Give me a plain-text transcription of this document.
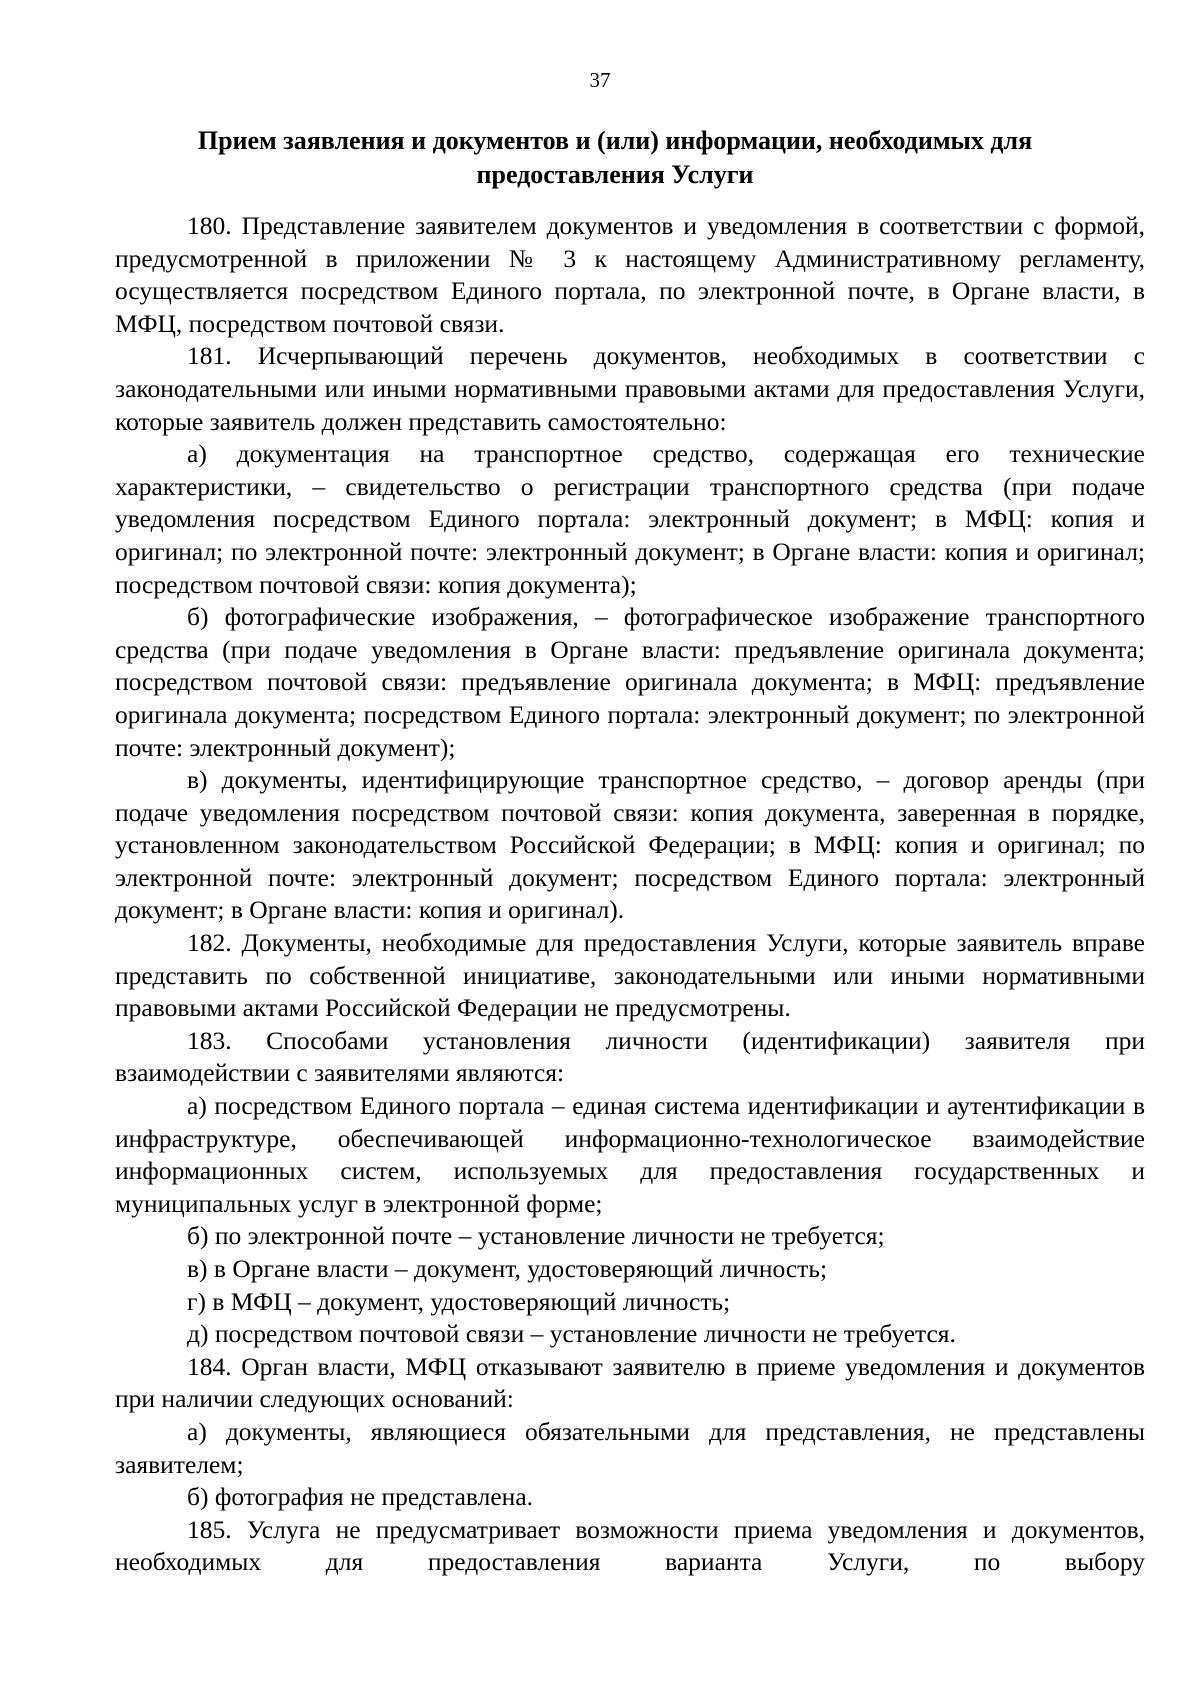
37
Прием заявления и документов и (или) информации, необходимых для
предоставления Услуги

180. Представление заявителем документов и уведомления в соответствии с формой, предусмотренной в приложении № 3 к настоящему Административному регламенту, осуществляется посредством Единого портала, по электронной почте, в Органе власти, в МФЦ, посредством почтовой связи.

181. Исчерпывающий перечень документов, необходимых в соответствии с законодательными или иными нормативными правовыми актами для предоставления Услуги, которые заявитель должен представить самостоятельно:

а) документация на транспортное средство, содержащая его технические характеристики, – свидетельство о регистрации транспортного средства (при подаче уведомления посредством Единого портала: электронный документ; в МФЦ: копия и оригинал; по электронной почте: электронный документ; в Органе власти: копия и оригинал; посредством почтовой связи: копия документа);

б) фотографические изображения, – фотографическое изображение транспортного средства (при подаче уведомления в Органе власти: предъявление оригинала документа; посредством почтовой связи: предъявление оригинала документа; в МФЦ: предъявление оригинала документа; посредством Единого портала: электронный документ; по электронной почте: электронный документ);

в) документы, идентифицирующие транспортное средство, – договор аренды (при подаче уведомления посредством почтовой связи: копия документа, заверенная в порядке, установленном законодательством Российской Федерации; в МФЦ: копия и оригинал; по электронной почте: электронный документ; посредством Единого портала: электронный документ; в Органе власти: копия и оригинал).

182. Документы, необходимые для предоставления Услуги, которые заявитель вправе представить по собственной инициативе, законодательными или иными нормативными правовыми актами Российской Федерации не предусмотрены.

183. Способами установления личности (идентификации) заявителя при взаимодействии с заявителями являются:

а) посредством Единого портала – единая система идентификации и аутентификации в инфраструктуре, обеспечивающей информационно-технологическое взаимодействие информационных систем, используемых для предоставления государственных и муниципальных услуг в электронной форме;

б) по электронной почте – установление личности не требуется;

в) в Органе власти – документ, удостоверяющий личность;

г) в МФЦ – документ, удостоверяющий личность;

д) посредством почтовой связи – установление личности не требуется.

184. Орган власти, МФЦ отказывают заявителю в приеме уведомления и документов при наличии следующих оснований:

а) документы, являющиеся обязательными для представления, не представлены заявителем;

б) фотография не представлена.

185. Услуга не предусматривает возможности приема уведомления и документов, необходимых для предоставления варианта Услуги, по выбору
